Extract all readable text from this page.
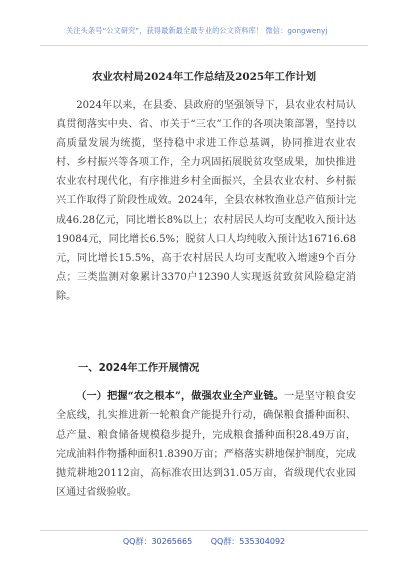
关注头条号“公文研究”，获得最新最全最专业的公文资料库！ 微信：gongwenyj
农业农村局2024年工作总结及2025年工作计划

2024年以来，在县委、县政府的坚强领导下，县农业农村局认真贯彻落实中央、省、市关于“三农”工作的各项决策部署，坚持以高质量发展为统揽，坚持稳中求进工作总基调，协同推进农业农村、乡村振兴等各项工作，全力巩固拓展脱贫攻坚成果，加快推进农业农村现代化，有序推进乡村全面振兴，全县农业农村、乡村振兴工作取得了阶段性成效。2024年，全县农林牧渔业总产值预计完成46.28亿元，同比增长8%以上；农村居民人均可支配收入预计达19084元，同比增长6.5%；脱贫人口人均纯收入预计达16716.68元，同比增长15.5%，高于农村居民人均可支配收入增速9个百分点；三类监测对象累计3370户12390人实现返贫致贫风险稳定消除。

一、2024年工作开展情况

（一）把握“农之根本”，做强农业全产业链。一是坚守粮食安全底线，扎实推进新一轮粮食产能提升行动，确保粮食播种面积、总产量、粮食储备规模稳步提升，完成粮食播种面积28.49万亩，完成油料作物播种面积1.8390万亩；严格落实耕地保护制度，完成抛荒耕地20112亩，高标准农田达到31.05万亩，省级现代农业园区通过省级验收。

QQ群：30265665 QQ群：535304092
